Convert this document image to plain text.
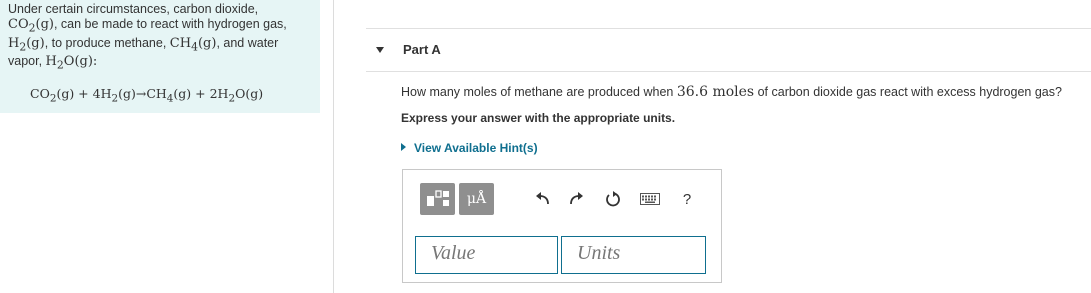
Under certain circumstances, carbon dioxide,
$CO_2(g)$, can be made to react with hydrogen gas,
$H_2(g)$, to produce methane, $CH_4(g)$, and water
vapor, $H_2O(g)$:
$CO_2(g) + 4H_2(g)\to CH_4(g) + 2H_2O(g)$
Part A
How many moles of methane are produced when 36.6 moles of carbon dioxide gas react with excess hydrogen gas?
Express your answer with the appropriate units.
View Available Hint(s)
μÅ	?
Value	Units
